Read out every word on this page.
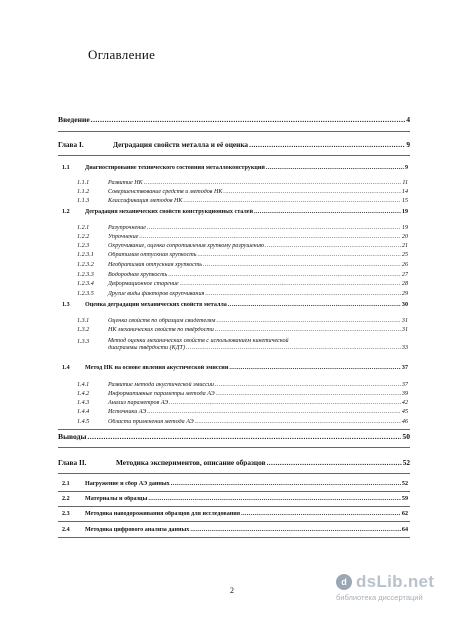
Оглавление
Введение .....	4
Глава I.	Деградация свойств металла и её оценка .....	9
1.1	Диагностирование технического состояния металлоконструкций .....	9
1.1.1	Развитие НК .....	11
1.1.2	Совершенствование средств и методов НК .....	14
1.1.3	Классификация методов НК .....	15
1.2	Деградация механических свойств конструкционных сталей .....	19
1.2.1	Разупрочнение .....	19
1.2.2	Упрочнение .....	20
1.2.3	Охрупчивание, оценка сопротивления хрупкому разрушению .....	21
1.2.3.1	Обратимая отпускная хрупкость .....	25
1.2.3.2	Необратимая отпускная хрупкость .....	26
1.2.3.3	Водородная хрупкость .....	27
1.2.3.4	Деформационное старение .....	28
1.2.3.5	Другие виды факторов охрупчивания .....	29
1.3	Оценка деградации механических свойств металла .....	30
1.3.1	Оценка свойств по образцам свидетелям .....	31
1.3.2	НК механических свойств по твёрдости .....	31
1.3.3	Метод оценки механических свойств с использованием кинетической
диаграммы твёрдости (КДТ) .....	33
1.4	Метод НК на основе явления акустической эмиссии .....	37
1.4.1	Развитие метода акустической эмиссии .....	37
1.4.2	Информативные параметры метода АЭ .....	39
1.4.3	Анализ параметров АЭ .....	42
1.4.4	Источники АЭ .....	45
1.4.5	Области применения метода АЭ .....	46
Выводы .....	50
Глава II.	Методика экспериментов, описание образцов .....	52
2.1	Нагружение и сбор АЭ данных .....	52
2.2	Материалы и образцы .....	59
2.3	Методика наводороживания образцов для исследования .....	62
2.4	Методика цифрового анализа данных .....	64
2
d dsLib.net
библиотека диссертаций
